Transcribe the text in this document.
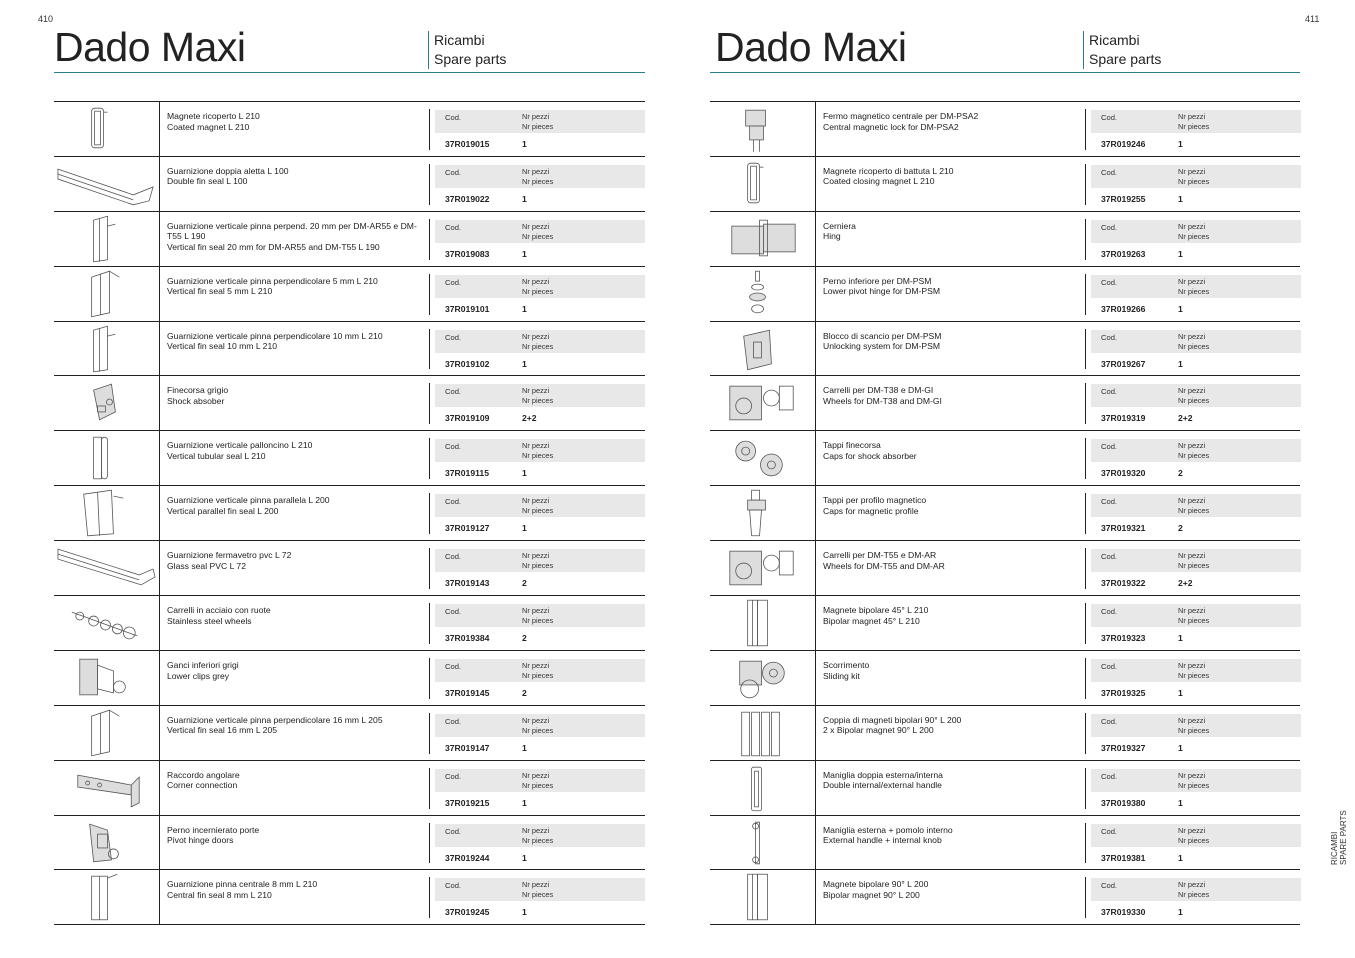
410
Dado Maxi	Ricambi
Spare parts
Magnete ricoperto L 210
Coated magnet L 210
Cod.	Nr pezzi
Nr pieces
37R019015	1
Guarnizione doppia aletta L 100
Double fin seal L 100
Cod.	Nr pezzi
Nr pieces
37R019022	1
Guarnizione verticale pinna perpend. 20 mm per DM-AR55 e DM-T55 L 190
Vertical fin seal 20 mm for DM-AR55 and DM-T55 L 190
Cod.	Nr pezzi
Nr pieces
37R019083	1
Guarnizione verticale pinna perpendicolare 5 mm L 210
Vertical fin seal 5 mm L 210
Cod.	Nr pezzi
Nr pieces
37R019101	1
Guarnizione verticale pinna perpendicolare 10 mm L 210
Vertical fin seal 10 mm L 210
Cod.	Nr pezzi
Nr pieces
37R019102	1
Finecorsa grigio
Shock absober
Cod.	Nr pezzi
Nr pieces
37R019109	2+2
Guarnizione verticale palloncino L 210
Vertical tubular seal L 210
Cod.	Nr pezzi
Nr pieces
37R019115	1
Guarnizione verticale pinna parallela L 200
Vertical parallel fin seal L 200
Cod.	Nr pezzi
Nr pieces
37R019127	1
Guarnizione fermavetro pvc L 72
Glass seal PVC L 72
Cod.	Nr pezzi
Nr pieces
37R019143	2
Carrelli in acciaio con ruote
Stainless steel wheels
Cod.	Nr pezzi
Nr pieces
37R019384	2
Ganci inferiori grigi
Lower clips grey
Cod.	Nr pezzi
Nr pieces
37R019145	2
Guarnizione verticale pinna perpendicolare 16 mm L 205
Vertical fin seal 16 mm L 205
Cod.	Nr pezzi
Nr pieces
37R019147	1
Raccordo angolare
Corner connection
Cod.	Nr pezzi
Nr pieces
37R019215	1
Perno incernierato porte
Pivot hinge doors
Cod.	Nr pezzi
Nr pieces
37R019244	1
Guarnizione pinna centrale 8 mm L 210
Central fin seal 8 mm L 210
Cod.	Nr pezzi
Nr pieces
37R019245	1
411
Dado Maxi	Ricambi
Spare parts
Fermo magnetico centrale per DM-PSA2
Central magnetic lock for DM-PSA2
Cod.	Nr pezzi
Nr pieces
37R019246	1
Magnete ricoperto di battuta L 210
Coated closing magnet L 210
Cod.	Nr pezzi
Nr pieces
37R019255	1
Cerniera
Hing
Cod.	Nr pezzi
Nr pieces
37R019263	1
Perno inferiore per DM-PSM
Lower pivot hinge for DM-PSM
Cod.	Nr pezzi
Nr pieces
37R019266	1
Blocco di scancio per DM-PSM
Unlocking system for DM-PSM
Cod.	Nr pezzi
Nr pieces
37R019267	1
Carrelli per DM-T38 e DM-GI
Wheels for DM-T38 and DM-GI
Cod.	Nr pezzi
Nr pieces
37R019319	2+2
Tappi finecorsa
Caps for shock absorber
Cod.	Nr pezzi
Nr pieces
37R019320	2
Tappi per profilo magnetico
Caps for magnetic profile
Cod.	Nr pezzi
Nr pieces
37R019321	2
Carrelli per DM-T55 e DM-AR
Wheels for DM-T55 and DM-AR
Cod.	Nr pezzi
Nr pieces
37R019322	2+2
Magnete bipolare 45° L 210
Bipolar magnet 45° L 210
Cod.	Nr pezzi
Nr pieces
37R019323	1
Scorrimento
Sliding kit
Cod.	Nr pezzi
Nr pieces
37R019325	1
Coppia di magneti bipolari 90° L 200
2 x Bipolar magnet 90° L 200
Cod.	Nr pezzi
Nr pieces
37R019327	1
Maniglia doppia esterna/interna
Double internal/external handle
Cod.	Nr pezzi
Nr pieces
37R019380	1
Maniglia esterna + pomolo interno
External handle + internal knob
Cod.	Nr pezzi
Nr pieces
37R019381	1
Magnete bipolare 90° L 200
Bipolar magnet 90° L 200
Cod.	Nr pezzi
Nr pieces
37R019330	1
RICAMBI SPARE PARTS
